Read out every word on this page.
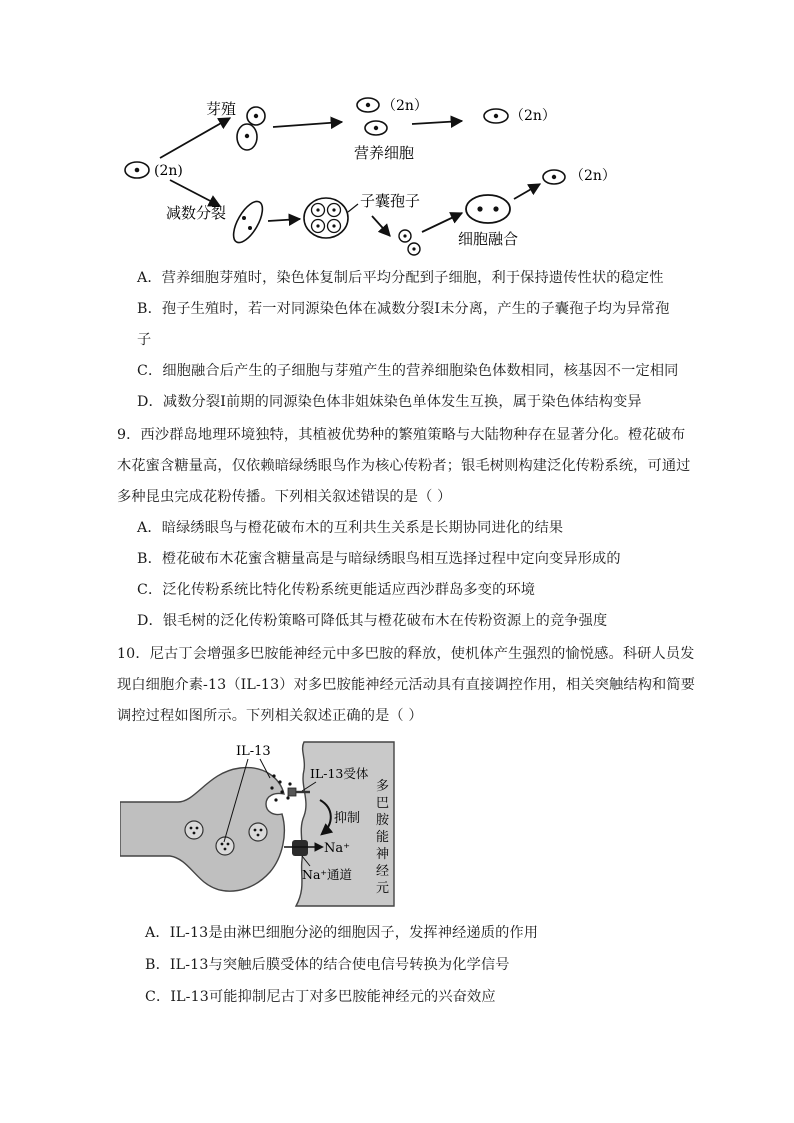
(2n)
芽殖	（2n）
营养细胞
（2n）
减数分裂
子囊孢子
细胞融合
（2n）
A．营养细胞芽殖时，染色体复制后平均分配到子细胞，利于保持遗传性状的稳定性
B．孢子生殖时，若一对同源染色体在减数分裂Ⅰ未分离，产生的子囊孢子均为异常孢
子
C．细胞融合后产生的子细胞与芽殖产生的营养细胞染色体数相同，核基因不一定相同
D．减数分裂Ⅰ前期的同源染色体非姐妹染色单体发生互换，属于染色体结构变异
9．西沙群岛地理环境独特，其植被优势种的繁殖策略与大陆物种存在显著分化。橙花破布
木花蜜含糖量高，仅依赖暗绿绣眼鸟作为核心传粉者；银毛树则构建泛化传粉系统，可通过
多种昆虫完成花粉传播。下列相关叙述错误的是（ ）
A．暗绿绣眼鸟与橙花破布木的互利共生关系是长期协同进化的结果
B．橙花破布木花蜜含糖量高是与暗绿绣眼鸟相互选择过程中定向变异形成的
C．泛化传粉系统比特化传粉系统更能适应西沙群岛多变的环境
D．银毛树的泛化传粉策略可降低其与橙花破布木在传粉资源上的竞争强度
10．尼古丁会增强多巴胺能神经元中多巴胺的释放，使机体产生强烈的愉悦感。科研人员发
现白细胞介素-13（IL-13）对多巴胺能神经元活动具有直接调控作用，相关突触结构和简要
调控过程如图所示。下列相关叙述正确的是（ ）
IL-13
IL-13受体
抑制
Na⁺
Na⁺通道
多
巴
胺
能
神
经
元
A．IL-13是由淋巴细胞分泌的细胞因子，发挥神经递质的作用
B．IL-13与突触后膜受体的结合使电信号转换为化学信号
C．IL-13可能抑制尼古丁对多巴胺能神经元的兴奋效应
